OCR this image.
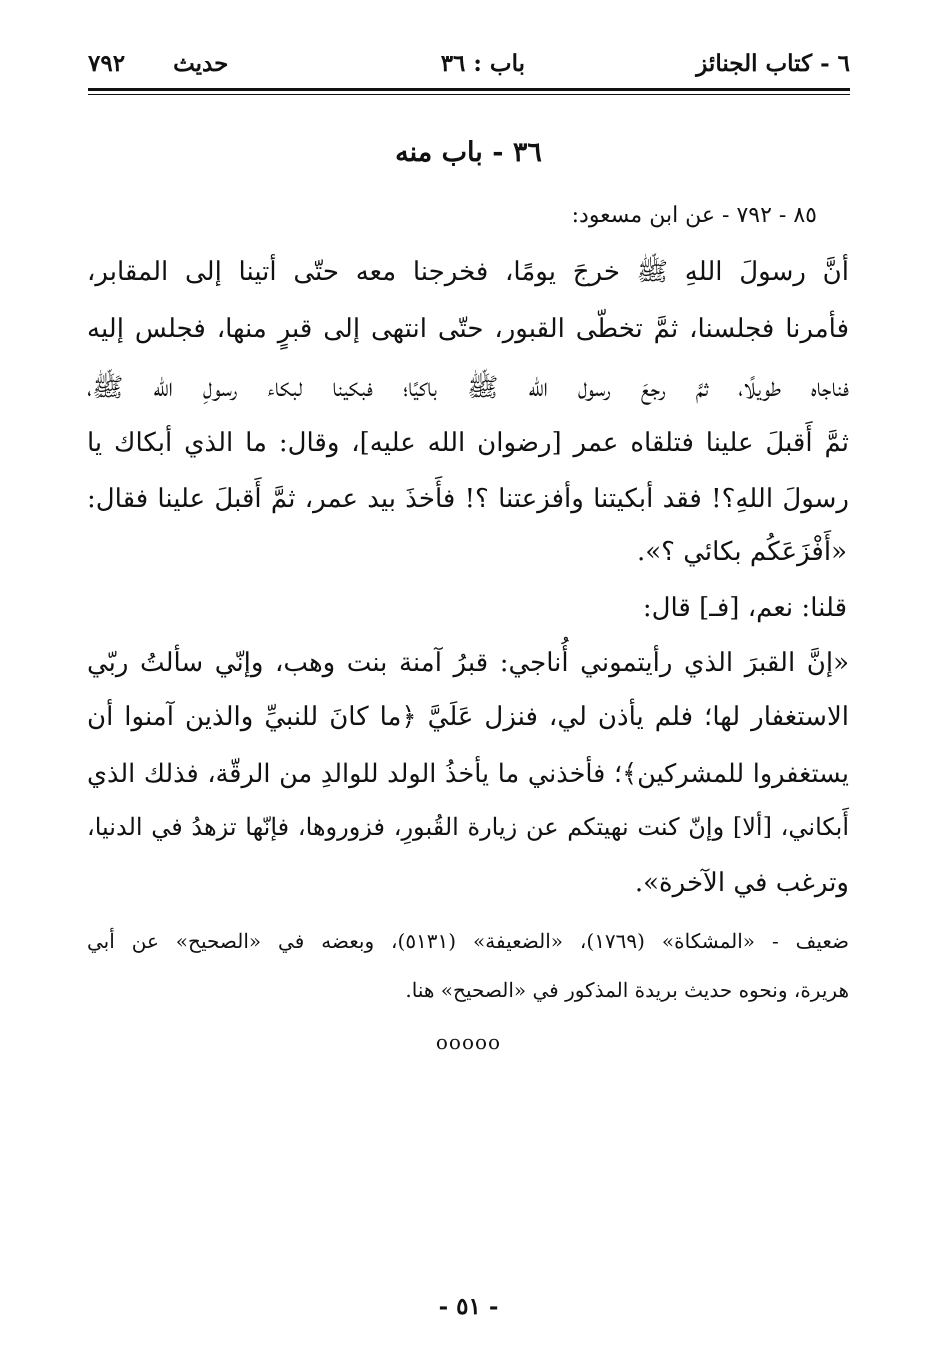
٦ - كتاب الجنائز
باب : ٣٦
حديث٧٩٢
٣٦ - باب منه
٨٥ - ٧٩٢ - عن ابن مسعود:
أنَّ رسولَ اللهِ ﷺ خرجَ يومًا، فخرجنا معه حتّى أتينا إلى المقابر،
فأمرنا فجلسنا، ثمَّ تخطّى القبور، حتّى انتهى إلى قبرٍ منها، فجلس إليه
فناجاه طويلًا، ثمَّ رجعَ رسول الله ﷺ باكيًا؛ فبكينا لبكاء رسولِ الله ﷺ،
ثمَّ أَقبلَ علينا فتلقاه عمر [رضوان الله عليه]، وقال: ما الذي أبكاك يا
رسولَ اللهِ؟! فقد أبكيتنا وأفزعتنا ؟! فأَخذَ بيد عمر، ثمَّ أَقبلَ علينا فقال:
«أَفْزَعَكُم بكائي ؟».
قلنا: نعم، [فـ] قال:
«إنَّ القبرَ الذي رأيتموني أُناجي: قبرُ آمنة بنت وهب، وإنّي سألتُ ربّي
الاستغفار لها؛ فلم يأذن لي، فنزل عَلَيَّ ﴿ما كانَ للنبيِّ والذين آمنوا أن
يستغفروا للمشركين﴾؛ فأخذني ما يأخذُ الولد للوالدِ من الرقّة، فذلك الذي
أَبكاني، [ألا] وإنّ كنت نهيتكم عن زيارة القُبورِ، فزوروها، فإنّها تزهدُ في الدنيا،
وترغب في الآخرة».
ضعيف - «المشكاة» (١٧٦٩)، «الضعيفة» (٥١٣١)، وبعضه في «الصحيح» عن أبي
هريرة، ونحوه حديث بريدة المذكور في «الصحيح» هنا.
ooooo
- ٥١ -
